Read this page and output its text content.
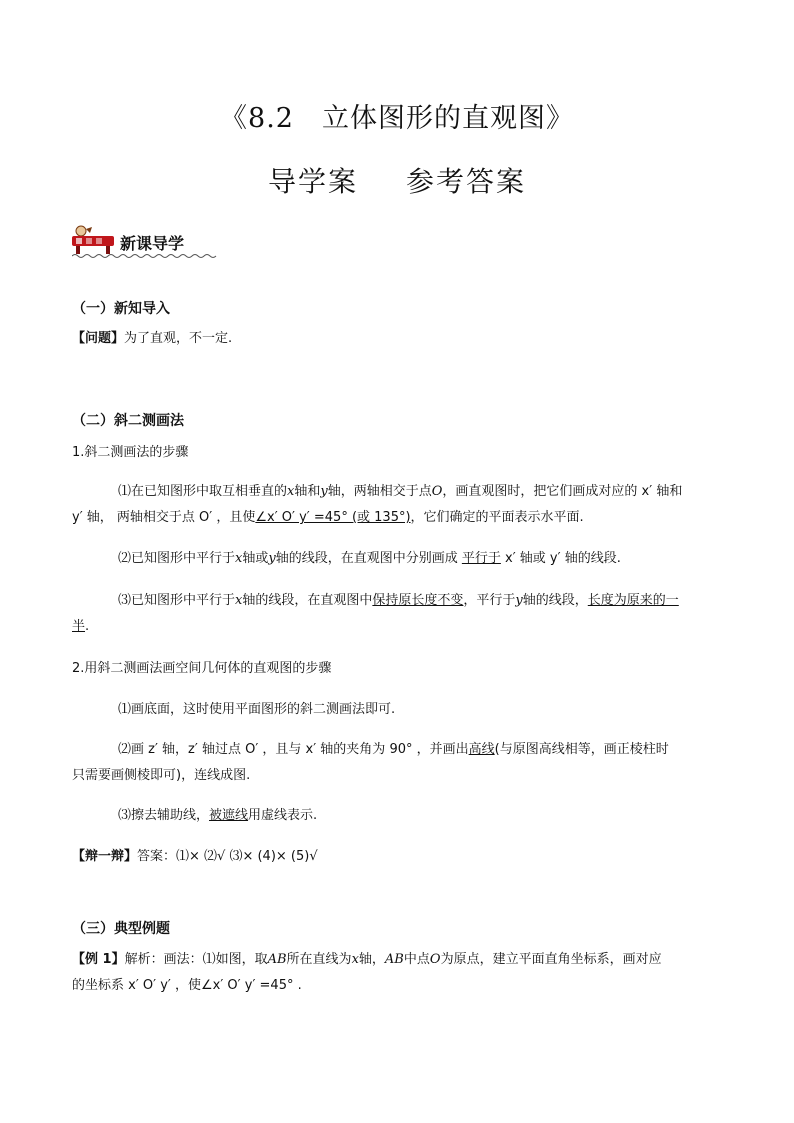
《8.2　立体图形的直观图》
导学案 参考答案
新课导学
（一）新知导入
【问题】为了直观，不一定.
（二）斜二测画法
1.斜二测画法的步骤
⑴在已知图形中取互相垂直的x轴和y轴，两轴相交于点O，画直观图时，把它们画成对应的 x′ 轴和
y′ 轴， 两轴相交于点 O′ ，且使∠x′ O′ y′ =45° (或 135°)，它们确定的平面表示水平面.
⑵已知图形中平行于x轴或y轴的线段，在直观图中分别画成 平行于 x′ 轴或 y′ 轴的线段.
⑶已知图形中平行于x轴的线段，在直观图中保持原长度不变，平行于y轴的线段，长度为原来的一
半.
2.用斜二测画法画空间几何体的直观图的步骤
⑴画底面，这时使用平面图形的斜二测画法即可.
⑵画 z′ 轴，z′ 轴过点 O′ ，且与 x′ 轴的夹角为 90° ，并画出高线(与原图高线相等，画正棱柱时
只需要画侧棱即可)，连线成图.
⑶擦去辅助线，被遮线用虚线表示.
【辩一辩】答案：⑴× ⑵√ ⑶× (4)× (5)√
（三）典型例题
【例 1】解析：画法：⑴如图，取AB所在直线为x轴，AB中点O为原点，建立平面直角坐标系，画对应
的坐标系 x′ O′ y′ ，使∠x′ O′ y′ =45° .
